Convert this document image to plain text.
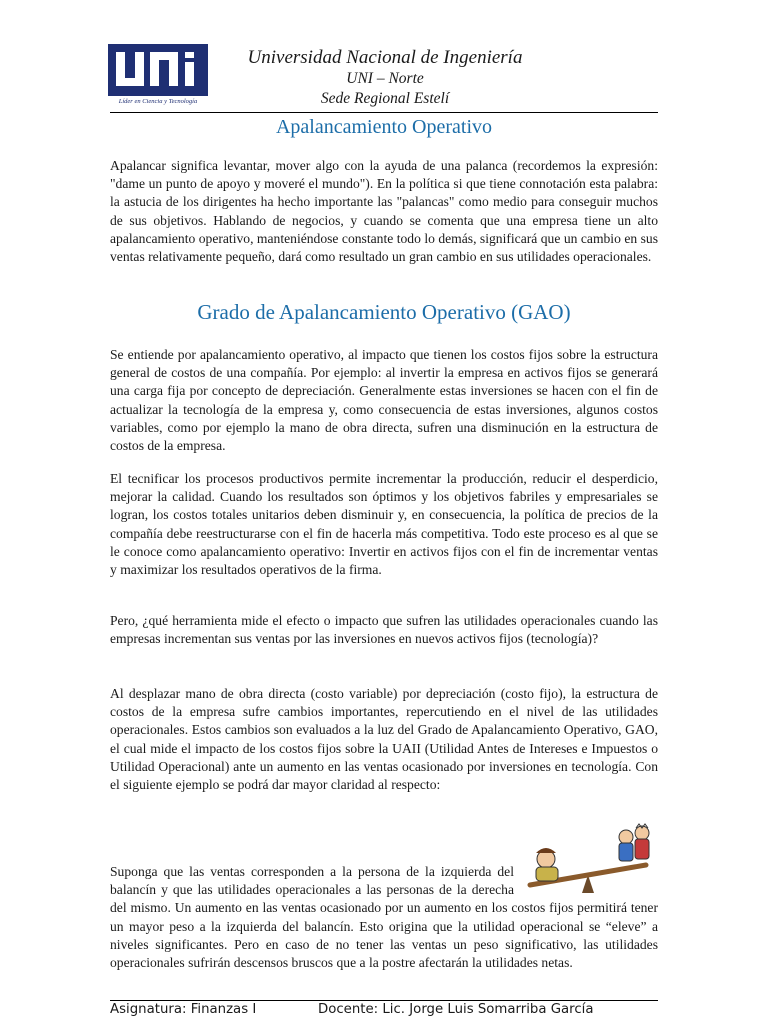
Líder en Ciencia y Tecnología
Universidad Nacional de Ingeniería
UNI – Norte
Sede Regional Estelí
Apalancamiento Operativo

Apalancar significa levantar, mover algo con la ayuda de una palanca (recordemos la expresión: "dame un punto de apoyo y moveré el mundo"). En la política si que tiene connotación esta palabra: la astucia de los dirigentes ha hecho importante las "palancas" como medio para conseguir muchos de sus objetivos. Hablando de negocios, y cuando se comenta que una empresa tiene un alto apalancamiento operativo, manteniéndose constante todo lo demás, significará que un cambio en sus ventas relativamente pequeño, dará como resultado un gran cambio en sus utilidades operacionales.

Grado de Apalancamiento Operativo (GAO)

Se entiende por apalancamiento operativo, al impacto que tienen los costos fijos sobre la estructura general de costos de una compañía. Por ejemplo: al invertir la empresa en activos fijos se generará una carga fija por concepto de depreciación. Generalmente estas inversiones se hacen con el fin de actualizar la tecnología de la empresa y, como consecuencia de estas inversiones, algunos costos variables, como por ejemplo la mano de obra directa, sufren una disminución en la estructura de costos de la empresa.

El tecnificar los procesos productivos permite incrementar la producción, reducir el desperdicio, mejorar la calidad. Cuando los resultados son óptimos y los objetivos fabriles y empresariales se logran, los costos totales unitarios deben disminuir y, en consecuencia, la política de precios de la compañía debe reestructurarse con el fin de hacerla más competitiva. Todo este proceso es al que se le conoce como apalancamiento operativo: Invertir en activos fijos con el fin de incrementar ventas y maximizar los resultados operativos de la firma.

Pero, ¿qué herramienta mide el efecto o impacto que sufren las utilidades operacionales cuando las empresas incrementan sus ventas por las inversiones en nuevos activos fijos (tecnología)?

Al desplazar mano de obra directa (costo variable) por depreciación (costo fijo), la estructura de costos de la empresa sufre cambios importantes, repercutiendo en el nivel de las utilidades operacionales. Estos cambios son evaluados a la luz del Grado de Apalancamiento Operativo, GAO, el cual mide el impacto de los costos fijos sobre la UAII (Utilidad Antes de Intereses e Impuestos o Utilidad Operacional) ante un aumento en las ventas ocasionado por inversiones en tecnología. Con el siguiente ejemplo se podrá dar mayor claridad al respecto:

Suponga que las ventas corresponden a la persona de la izquierda del balancín y que las utilidades operacionales a las personas de la derecha del mismo. Un aumento en las ventas ocasionado por un aumento en los costos fijos permitirá tener un mayor peso a la izquierda del balancín. Esto origina que la utilidad operacional se “eleve” a niveles significantes. Pero en caso de no tener las ventas un peso significativo, las utilidades operacionales sufrirán descensos bruscos que a la postre afectarán la utilidades netas.

Asignatura: Finanzas I	Docente: Lic. Jorge Luis Somarriba García
